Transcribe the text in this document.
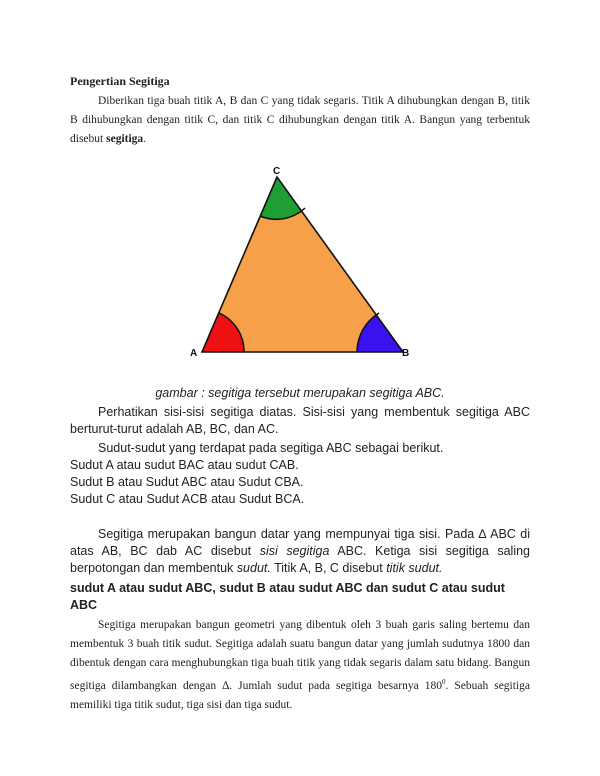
Pengertian Segitiga
Diberikan tiga buah titik A, B dan C yang tidak segaris. Titik A dihubungkan dengan B, titik B dihubungkan dengan titik C, dan titik C dihubungkan dengan titik A. Bangun yang terbentuk disebut segitiga.
A	B
C
gambar : segitiga tersebut merupakan segitiga ABC.
Perhatikan sisi-sisi segitiga diatas. Sisi-sisi yang membentuk segitiga ABC berturut-turut adalah AB, BC, dan AC.
Sudut-sudut yang terdapat pada segitiga ABC sebagai berikut.
Sudut A atau sudut BAC atau sudut CAB.
Sudut B atau Sudut ABC atau Sudut CBA.
Sudut C atau Sudut ACB atau Sudut BCA.
Segitiga merupakan bangun datar yang mempunyai tiga sisi. Pada ∆ ABC di atas AB, BC dab AC disebut sisi segitiga ABC. Ketiga sisi segitiga saling berpotongan dan membentuk sudut. Titik A, B, C disebut titik sudut.
sudut A atau sudut ABC, sudut B atau sudut ABC dan sudut C atau sudut ABC
Segitiga merupakan bangun geometri yang dibentuk oleh 3 buah garis saling bertemu dan membentuk 3 buah titik sudut. Segitiga adalah suatu bangun datar yang jumlah sudutnya 1800 dan dibentuk dengan cara menghubungkan tiga buah titik yang tidak segaris dalam satu bidang. Bangun segitiga dilambangkan dengan ∆. Jumlah sudut pada segitiga besarnya $180^0$. Sebuah segitiga memiliki tiga titik sudut, tiga sisi dan tiga sudut.
